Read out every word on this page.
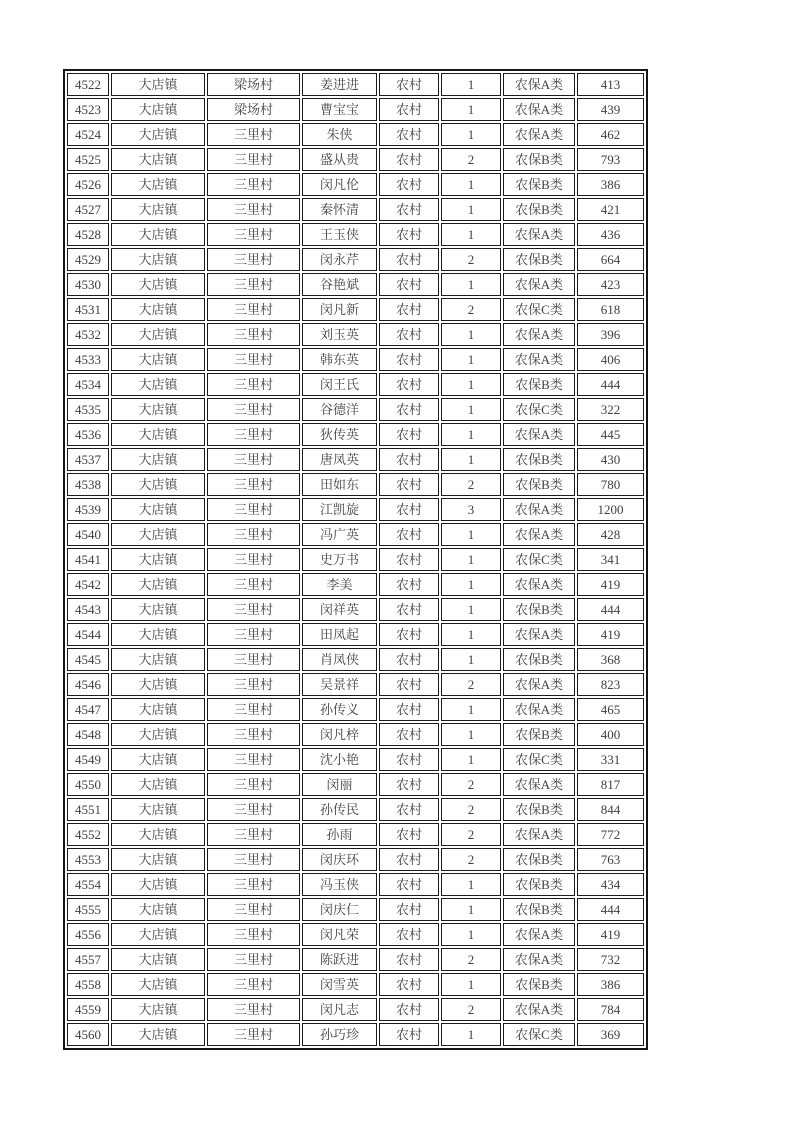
4522	大店镇	梁场村	姜进进	农村	1	农保A类	413
4523	大店镇	梁场村	曹宝宝	农村	1	农保A类	439
4524	大店镇	三里村	朱侠	农村	1	农保A类	462
4525	大店镇	三里村	盛从贵	农村	2	农保B类	793
4526	大店镇	三里村	闵凡伦	农村	1	农保B类	386
4527	大店镇	三里村	秦怀清	农村	1	农保B类	421
4528	大店镇	三里村	王玉侠	农村	1	农保A类	436
4529	大店镇	三里村	闵永芹	农村	2	农保B类	664
4530	大店镇	三里村	谷艳斌	农村	1	农保A类	423
4531	大店镇	三里村	闵凡新	农村	2	农保C类	618
4532	大店镇	三里村	刘玉英	农村	1	农保A类	396
4533	大店镇	三里村	韩东英	农村	1	农保A类	406
4534	大店镇	三里村	闵王氏	农村	1	农保B类	444
4535	大店镇	三里村	谷德洋	农村	1	农保C类	322
4536	大店镇	三里村	狄传英	农村	1	农保A类	445
4537	大店镇	三里村	唐凤英	农村	1	农保B类	430
4538	大店镇	三里村	田如东	农村	2	农保B类	780
4539	大店镇	三里村	江凯旋	农村	3	农保A类	1200
4540	大店镇	三里村	冯广英	农村	1	农保A类	428
4541	大店镇	三里村	史万书	农村	1	农保C类	341
4542	大店镇	三里村	李美	农村	1	农保A类	419
4543	大店镇	三里村	闵祥英	农村	1	农保B类	444
4544	大店镇	三里村	田凤起	农村	1	农保A类	419
4545	大店镇	三里村	肖凤侠	农村	1	农保B类	368
4546	大店镇	三里村	吴景祥	农村	2	农保A类	823
4547	大店镇	三里村	孙传义	农村	1	农保A类	465
4548	大店镇	三里村	闵凡梓	农村	1	农保B类	400
4549	大店镇	三里村	沈小艳	农村	1	农保C类	331
4550	大店镇	三里村	闵丽	农村	2	农保A类	817
4551	大店镇	三里村	孙传民	农村	2	农保B类	844
4552	大店镇	三里村	孙雨	农村	2	农保A类	772
4553	大店镇	三里村	闵庆环	农村	2	农保B类	763
4554	大店镇	三里村	冯玉侠	农村	1	农保B类	434
4555	大店镇	三里村	闵庆仁	农村	1	农保B类	444
4556	大店镇	三里村	闵凡荣	农村	1	农保A类	419
4557	大店镇	三里村	陈跃进	农村	2	农保A类	732
4558	大店镇	三里村	闵雪英	农村	1	农保B类	386
4559	大店镇	三里村	闵凡志	农村	2	农保A类	784
4560	大店镇	三里村	孙巧珍	农村	1	农保C类	369
